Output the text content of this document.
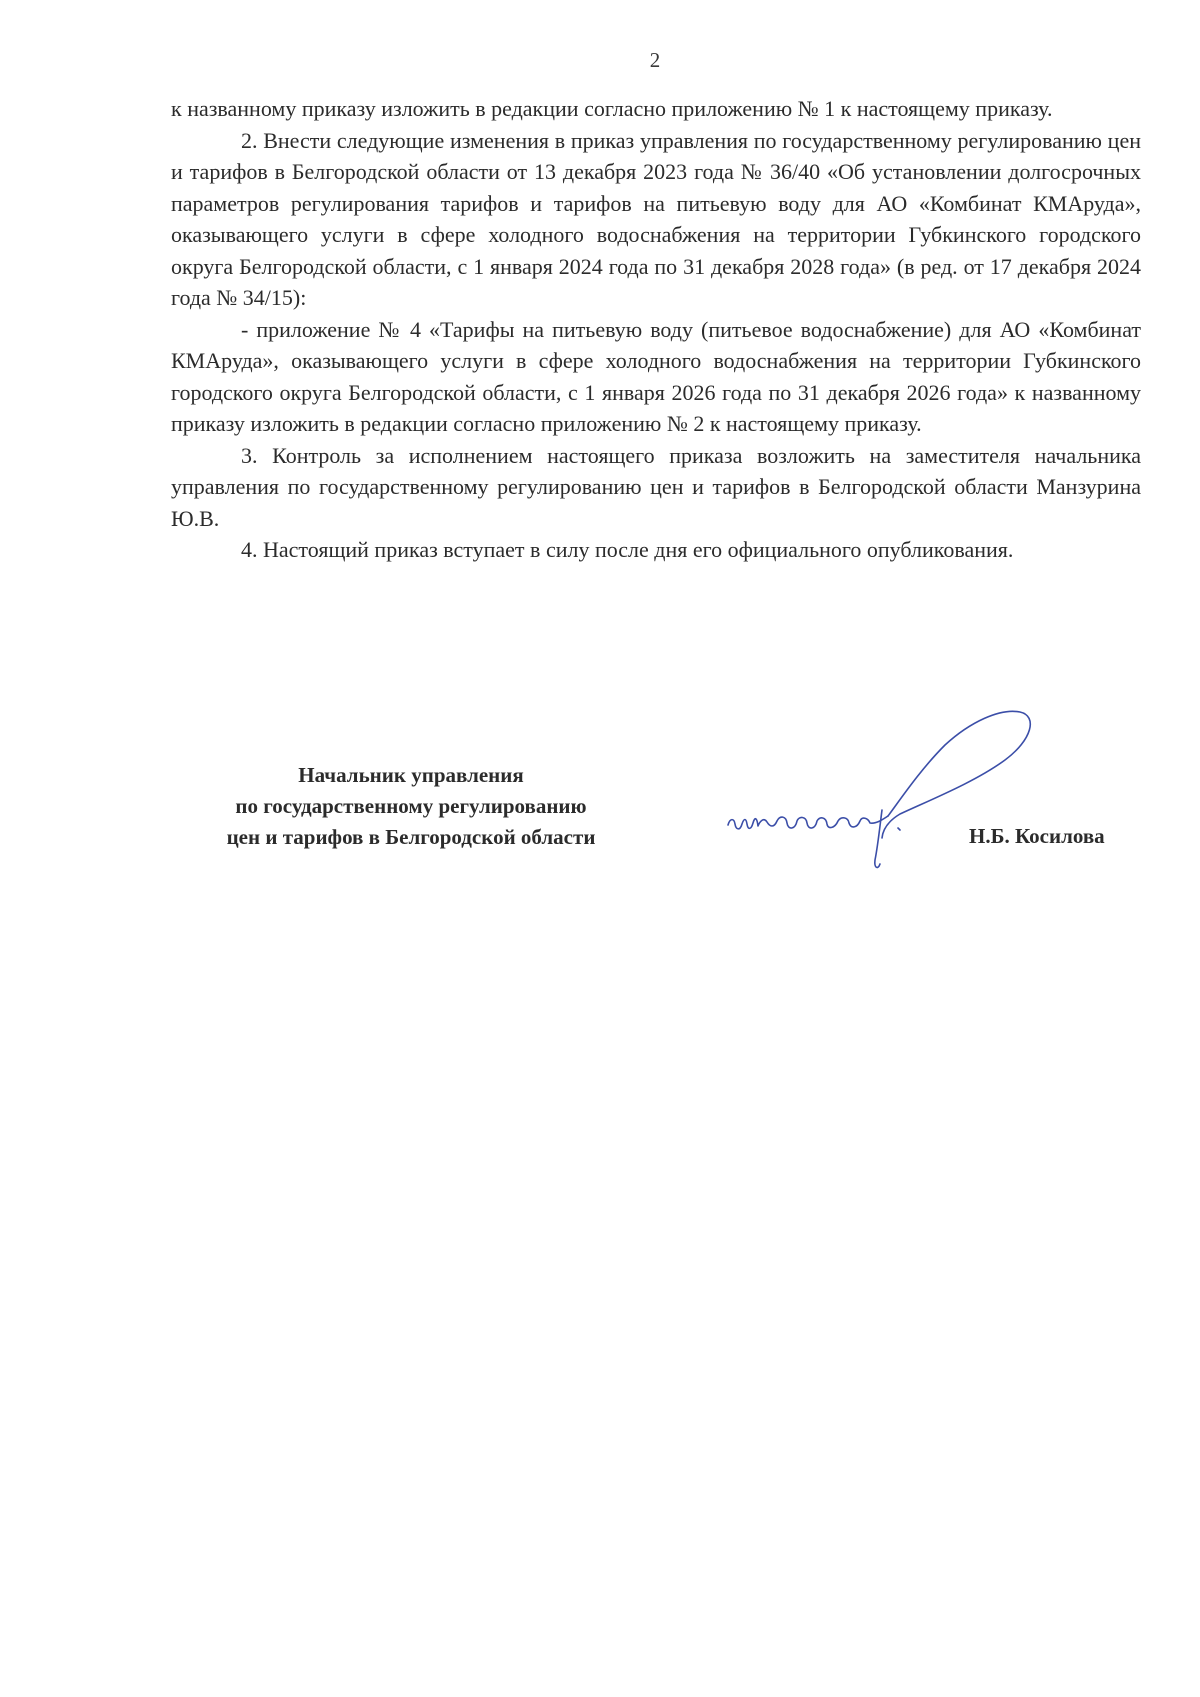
2

к названному приказу изложить в редакции согласно приложению № 1 к настоящему приказу.

2. Внести следующие изменения в приказ управления по государственному регулированию цен и тарифов в Белгородской области от 13 декабря 2023 года № 36/40 «Об установлении долгосрочных параметров регулирования тарифов и тарифов на питьевую воду для АО «Комбинат КМАруда», оказывающего услуги в сфере холодного водоснабжения на территории Губкинского городского округа Белгородской области, с 1 января 2024 года по 31 декабря 2028 года» (в ред. от 17 декабря 2024 года № 34/15):

- приложение № 4 «Тарифы на питьевую воду (питьевое водоснабжение) для АО «Комбинат КМАруда», оказывающего услуги в сфере холодного водоснабжения на территории Губкинского городского округа Белгородской области, с 1 января 2026 года по 31 декабря 2026 года» к названному приказу изложить в редакции согласно приложению № 2 к настоящему приказу.

3. Контроль за исполнением настоящего приказа возложить на заместителя начальника управления по государственному регулированию цен и тарифов в Белгородской области Манзурина Ю.В.

4. Настоящий приказ вступает в силу после дня его официального опубликования.

Начальник управления
по государственному регулированию
цен и тарифов в Белгородской области	Н.Б. Косилова
